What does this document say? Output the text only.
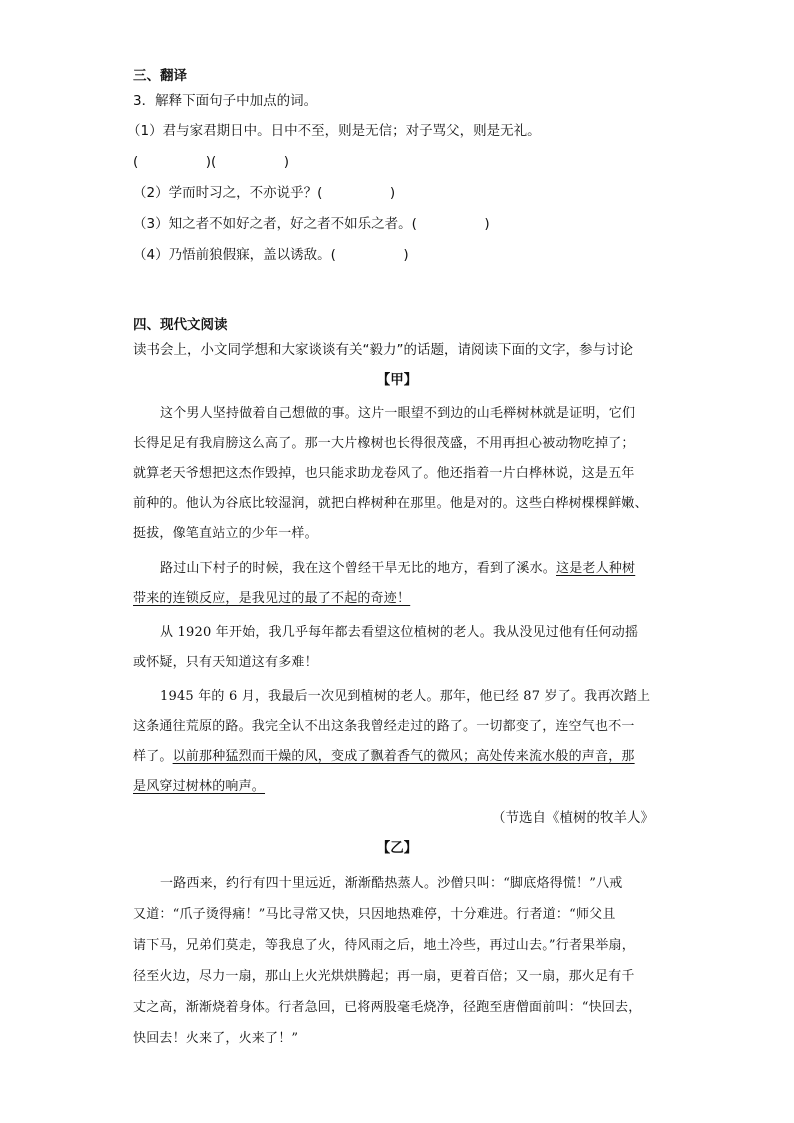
三、翻译
3．解释下面句子中加点的词。
（1）君与家君期日中。日中不至，则是无信；对子骂父，则是无礼。
(　　　　　)(　　　　　)
（2）学而时习之，不亦说乎？(　　　　　)
（3）知之者不如好之者，好之者不如乐之者。(　　　　　)
（4）乃悟前狼假寐，盖以诱敌。(　　　　　)
四、现代文阅读
读书会上，小文同学想和大家谈谈有关“毅力”的话题，请阅读下面的文字，参与讨论
【甲】
这个男人坚持做着自己想做的事。这片一眼望不到边的山毛榉树林就是证明，它们
长得足足有我肩膀这么高了。那一大片橡树也长得很茂盛，不用再担心被动物吃掉了；
就算老天爷想把这杰作毁掉，也只能求助龙卷风了。他还指着一片白桦林说，这是五年
前种的。他认为谷底比较湿润，就把白桦树种在那里。他是对的。这些白桦树棵棵鲜嫩、
挺拔，像笔直站立的少年一样。
路过山下村子的时候，我在这个曾经干旱无比的地方，看到了溪水。这是老人种树
带来的连锁反应，是我见过的最了不起的奇迹！
从 1920 年开始，我几乎每年都去看望这位植树的老人。我从没见过他有任何动摇
或怀疑，只有天知道这有多难！
1945 年的 6 月，我最后一次见到植树的老人。那年，他已经 87 岁了。我再次踏上
这条通往荒原的路。我完全认不出这条我曾经走过的路了。一切都变了，连空气也不一
样了。以前那种猛烈而干燥的风，变成了飘着香气的微风；高处传来流水般的声音，那
是风穿过树林的响声。
（节选自《植树的牧羊人》
【乙】
一路西来，约行有四十里远近，渐渐酷热蒸人。沙僧只叫：“脚底烙得慌！”八戒
又道：“爪子烫得痛！”马比寻常又快，只因地热难停，十分难进。行者道：“师父且
请下马，兄弟们莫走，等我息了火，待风雨之后，地土冷些，再过山去。”行者果举扇，
径至火边，尽力一扇，那山上火光烘烘腾起；再一扇，更着百倍；又一扇，那火足有千
丈之高，渐渐烧着身体。行者急回，已将两股毫毛烧净，径跑至唐僧面前叫：“快回去，
快回去！火来了，火来了！”
